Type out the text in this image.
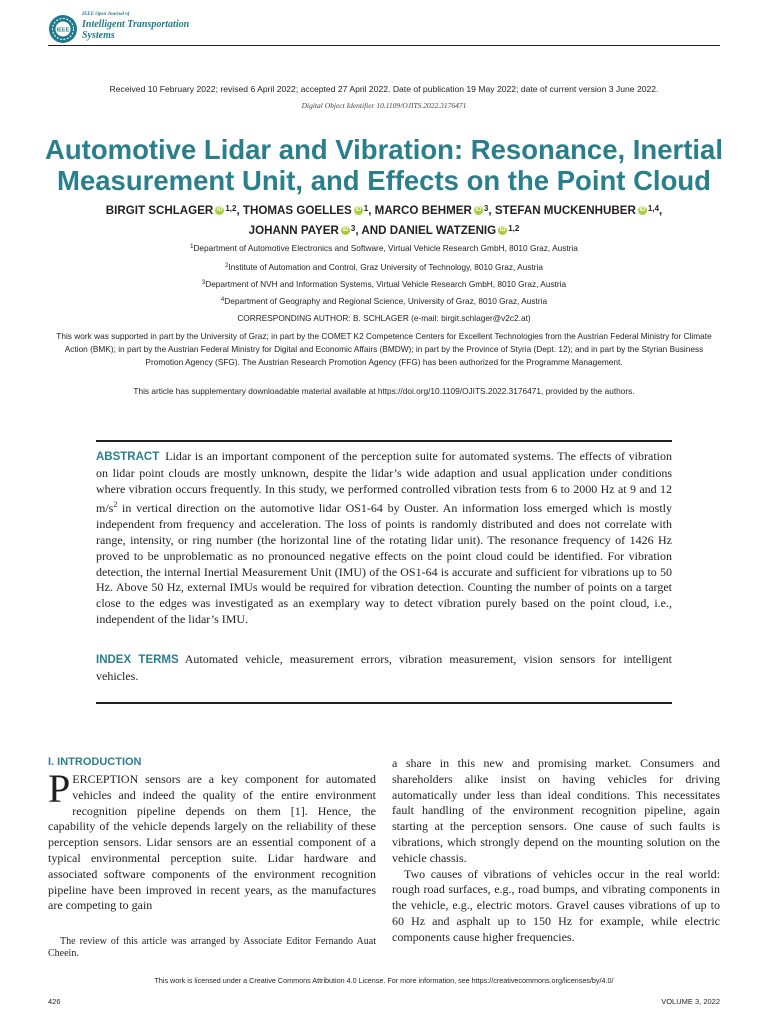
IEEE
IEEE Open Journal of
Intelligent Transportation
Systems
Received 10 February 2022; revised 6 April 2022; accepted 27 April 2022. Date of publication 19 May 2022; date of current version 3 June 2022.
Digital Object Identifier 10.1109/OJITS.2022.3176471
Automotive Lidar and Vibration: Resonance, Inertial Measurement Unit, and Effects on the Point Cloud
BIRGIT SCHLAGER iD $^{1,2}$, THOMAS GOELLES iD $^1$, MARCO BEHMER iD $^3$, STEFAN MUCKENHUBER iD $^{1,4}$,
JOHANN PAYER iD $^3$, AND DANIEL WATZENIG iD $^{1,2}$
$^1$Department of Automotive Electronics and Software, Virtual Vehicle Research GmbH, 8010 Graz, Austria
$^2$Institute of Automation and Control, Graz University of Technology, 8010 Graz, Austria
$^3$Department of NVH and Information Systems, Virtual Vehicle Research GmbH, 8010 Graz, Austria
$^4$Department of Geography and Regional Science, University of Graz, 8010 Graz, Austria
CORRESPONDING AUTHOR: B. SCHLAGER (e-mail: birgit.schlager@v2c2.at)
This work was supported in part by the University of Graz; in part by the COMET K2 Competence Centers for Excellent Technologies from the Austrian Federal Ministry for Climate Action (BMK); in part by the Austrian Federal Ministry for Digital and Economic Affairs (BMDW); in part by the Province of Styria (Dept. 12); and in part by the Styrian Business Promotion Agency (SFG). The Austrian Research Promotion Agency (FFG) has been authorized for the Programme Management.
This article has supplementary downloadable material available at https://doi.org/10.1109/OJITS.2022.3176471, provided by the authors.
ABSTRACT Lidar is an important component of the perception suite for automated systems. The effects of vibration on lidar point clouds are mostly unknown, despite the lidar’s wide adaption and usual application under conditions where vibration occurs frequently. In this study, we performed controlled vibration tests from 6 to 2000 Hz at 9 and 12 $m/s^2$ in vertical direction on the automotive lidar OS1-64 by Ouster. An information loss emerged which is mostly independent from frequency and acceleration. The loss of points is randomly distributed and does not correlate with range, intensity, or ring number (the horizontal line of the rotating lidar unit). The resonance frequency of 1426 Hz proved to be unproblematic as no pronounced negative effects on the point cloud could be identified. For vibration detection, the internal Inertial Measurement Unit (IMU) of the OS1-64 is accurate and sufficient for vibrations up to 50 Hz. Above 50 Hz, external IMUs would be required for vibration detection. Counting the number of points on a target close to the edges was investigated as an exemplary way to detect vibration purely based on the point cloud, i.e., independent of the lidar’s IMU.
INDEX TERMS Automated vehicle, measurement errors, vibration measurement, vision sensors for intelligent vehicles.
I. INTRODUCTION
PERCEPTION sensors are a key component for automated vehicles and indeed the quality of the entire environment recognition pipeline depends on them [1]. Hence, the capability of the vehicle depends largely on the reliability of these perception sensors. Lidar sensors are an essential component of a typical environmental perception suite. Lidar hardware and associated software components of the environment recognition pipeline have been improved in recent years, as the manufactures are competing to gain
The review of this article was arranged by Associate Editor Fernando Auat Cheein.

a share in this new and promising market. Consumers and shareholders alike insist on having vehicles for driving automatically under less than ideal conditions. This necessitates fault handling of the environment recognition pipeline, again starting at the perception sensors. One cause of such faults is vibrations, which strongly depend on the mounting solution on the vehicle chassis.

Two causes of vibrations of vehicles occur in the real world: rough road surfaces, e.g., road bumps, and vibrating components in the vehicle, e.g., electric motors. Gravel causes vibrations of up to 60 Hz and asphalt up to 150 Hz for example, while electric components cause higher frequencies.

This work is licensed under a Creative Commons Attribution 4.0 License. For more information, see https://creativecommons.org/licenses/by/4.0/
426	VOLUME 3, 2022
